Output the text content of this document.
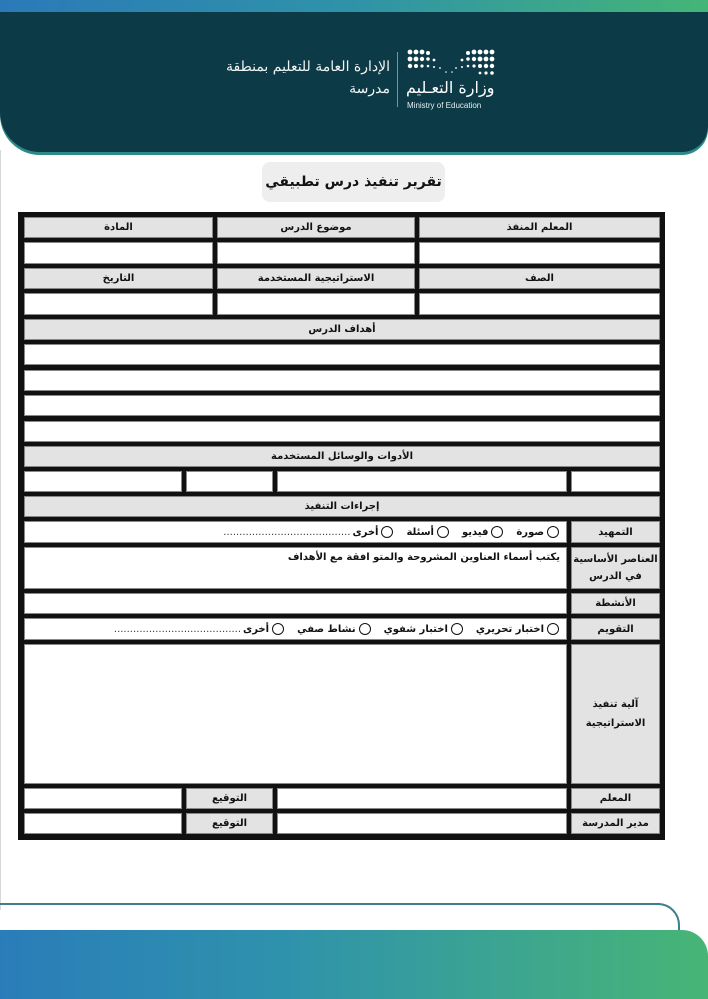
وزارة التعـليم
Ministry of Education
الإدارة العامة للتعليم بمنطقة
مدرسة
تقرير تنفيذ درس تطبيقي
المعلم المنفذ
موضوع الدرس
المادة
الصف
الاستراتيجية المستخدمة
التاريخ
أهداف الدرس
الأدوات والوسائل المستخدمة
إجراءات التنفيذ
التمهيد
صورة
فيديو
أسئلة
أخرى
........................................
العناصر الأساسية
في الدرس
يكتب أسماء العناوين المشروحة والمتو افقة مع الأهداف
الأنشطة
التقويم
اختبار تحريري
اختبار شفوي
نشاط صفي
أخرى
........................................
آلية تنفيذ
الاستراتيجية
المعلم
التوقيع
مدير المدرسة
التوقيع
